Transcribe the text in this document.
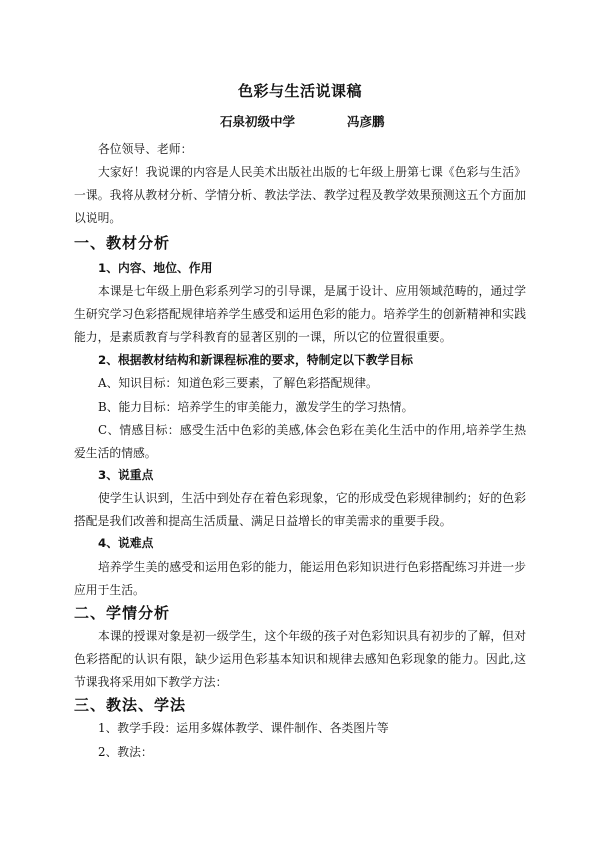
色彩与生活说课稿
石泉初级中学	冯彦鹏
各位领导、老师：
大家好！我说课的内容是人民美术出版社出版的七年级上册第七课《色彩与生活》一课。我将从教材分析、学情分析、教法学法、教学过程及教学效果预测这五个方面加以说明。
一、教材分析
1、内容、地位、作用
本课是七年级上册色彩系列学习的引导课，是属于设计、应用领域范畴的，通过学生研究学习色彩搭配规律培养学生感受和运用色彩的能力。培养学生的创新精神和实践能力，是素质教育与学科教育的显著区别的一课，所以它的位置很重要。
2、根据教材结构和新课程标准的要求，特制定以下教学目标
A、知识目标：知道色彩三要素，了解色彩搭配规律。
B、能力目标：培养学生的审美能力，激发学生的学习热情。
C、情感目标：感受生活中色彩的美感,体会色彩在美化生活中的作用,培养学生热爱生活的情感。
3、说重点
使学生认识到，生活中到处存在着色彩现象，它的形成受色彩规律制约；好的色彩搭配是我们改善和提高生活质量、满足日益增长的审美需求的重要手段。
4、说难点
培养学生美的感受和运用色彩的能力，能运用色彩知识进行色彩搭配练习并进一步应用于生活。
二、学情分析
本课的授课对象是初一级学生，这个年级的孩子对色彩知识具有初步的了解，但对色彩搭配的认识有限，缺少运用色彩基本知识和规律去感知色彩现象的能力。因此,这节课我将采用如下教学方法：
三、教法、学法
1、教学手段：运用多媒体教学、课件制作、各类图片等
2、教法：
